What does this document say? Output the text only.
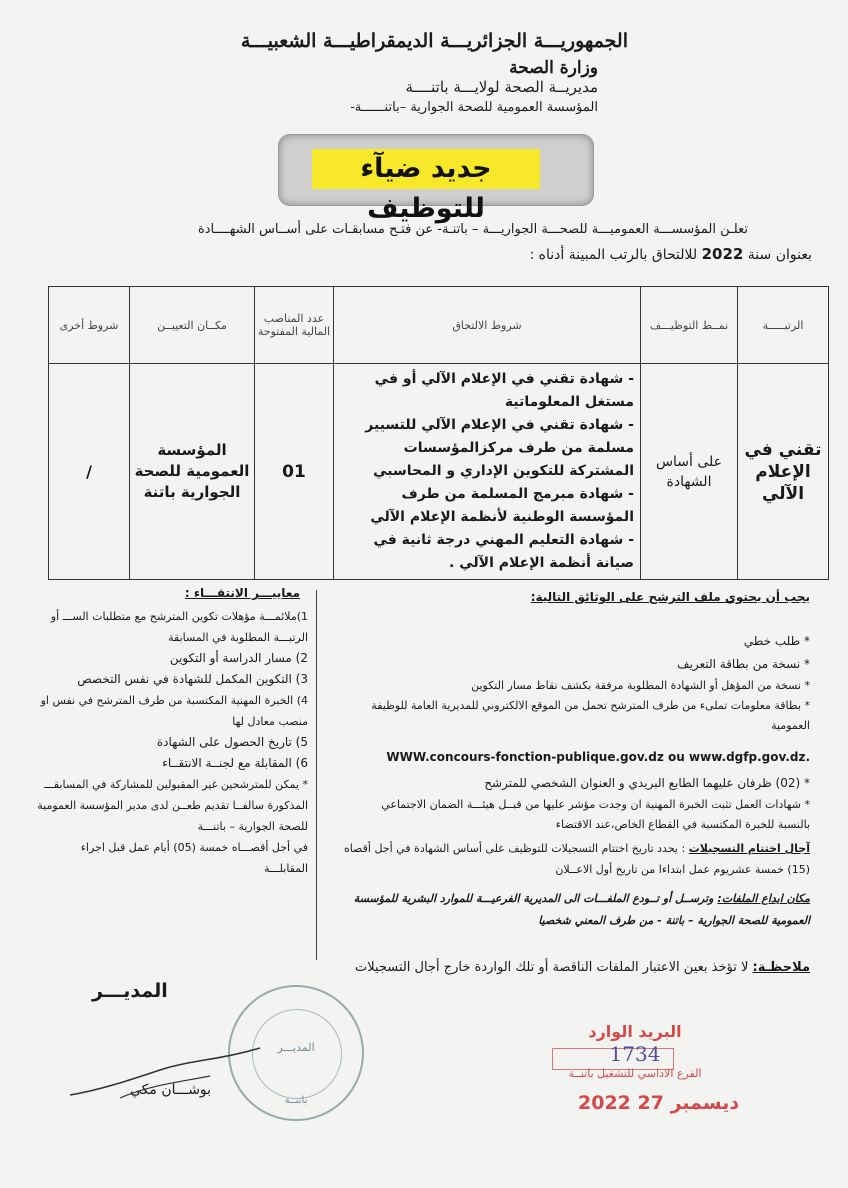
الجمهوريـــة الجزائريـــة الديمقراطيـــة الشعبيـــة
وزارة الصحة
مديريــة الصحة لولايـــة باتنــــة
المؤسسة العمومية للصحة الجوارية –باتنــــــة-
جديد ضيآء للتوظيف
تعلـن المؤسســـة العموميـــة للصحـــة الجواريـــة – باتنـة- عن فتـح مسابقـات على أســاس الشهــــادة
بعنوان سنة 2022 للالتحاق بالرتب المبينة أدناه :
الرتبـــــة	نمــط التوظيـــف	شروط الالتحاق	عدد المناصب المالية المفتوحة	مكــان التعييــن	شروط أخرى
تقني في الإعلام الآلي	على أساس الشهادة	- شهادة تقني في الإعلام الآلي أو في مستغل المعلوماتية
- شهادة تقني في الإعلام الآلي للتسيير مسلمة من طرف مركزالمؤسسات المشتركة للتكوين الإداري و المحاسبي
- شهادة مبرمج المسلمة من طرف المؤسسة الوطنية لأنظمة الإعلام الآلي
- شهادة التعليم المهني درجة ثانية في صيانة أنظمة الإعلام الآلي .	01	المؤسسة العمومية للصحة الجوارية باتنة	/
يجب أن يحتوي ملف الترشح على الوثائق التالية:
* طلب خطي
* نسخة من بطاقة التعريف
* نسخة من المؤهل أو الشهادة المطلوبة مرفقة بكشف نقاط مسار التكوين
* بطاقة معلومات تملىء من طرف المترشح تحمل من الموقع الالكتروني للمديرية العامة للوظيفة العمومية
WWW.concours-fonction-publique.gov.dz ou www.dgfp.gov.dz.
* (02) ظرفان عليهما الطابع البريدي و العنوان الشخصي للمترشح
* شهادات العمل تثبت الخبرة المهنية ان وجدت مؤشر عليها من قبــل هيئـــة الضمان الاجتماعي بالنسبة للخبرة المكتسبة في القطاع الخاص،عند الاقتضاء
آجال اختتام التسجيلات : يحدد تاريخ اختتام التسجيلات للتوظيف على أساس الشهادة في أجل أقصاه (15) خمسة عشريوم عمل ابتداءا من تاريخ أول الاعــلان
مكان ايداع الملفات: وترســل أو تــودع الملفـــات الى المديرية الفرعيـــة للموارد البشرية للمؤسسة العمومية للصحة الجوارية – باتنة - من طرف المعني شخصيا
ملاحظـة: لا تؤخذ بعين الاعتبار الملفات الناقصة أو تلك الواردة خارج أجال التسجيلات
معاييـــر الانتقـــاء :
1)ملائمـــة مؤهلات تكوين المترشح مع متطلبات الســـ أو الرتبـــة المطلوبة في المسابقة
2) مسار الدراسة أو التكوين
3) التكوين المكمل للشهادة في نفس التخصص
4) الخبرة المهنية المكتسبة من طرف المترشح في نفس او منصب معادل لها
5) تاريخ الحصول على الشهادة
6) المقابلة مع لجنــة الانتقــاء
* يمكن للمترشحين غير المقبولين للمشاركة في المسابقـــ المذكورة سالفــا تقديم طعــن لدى مدير المؤسسة العمومية للصحة الجوارية – باتنـــة
في أجل أقصـــاه خمسة (05) أيام عمل قبل اجراء المقابلـــة
المديـــر
المديـــر
باتنــة
بوشـــان مكي
البريد الوارد
1734
الفرع الاداسي للتشغيل باتنــة
2022 ديسمبر 27
